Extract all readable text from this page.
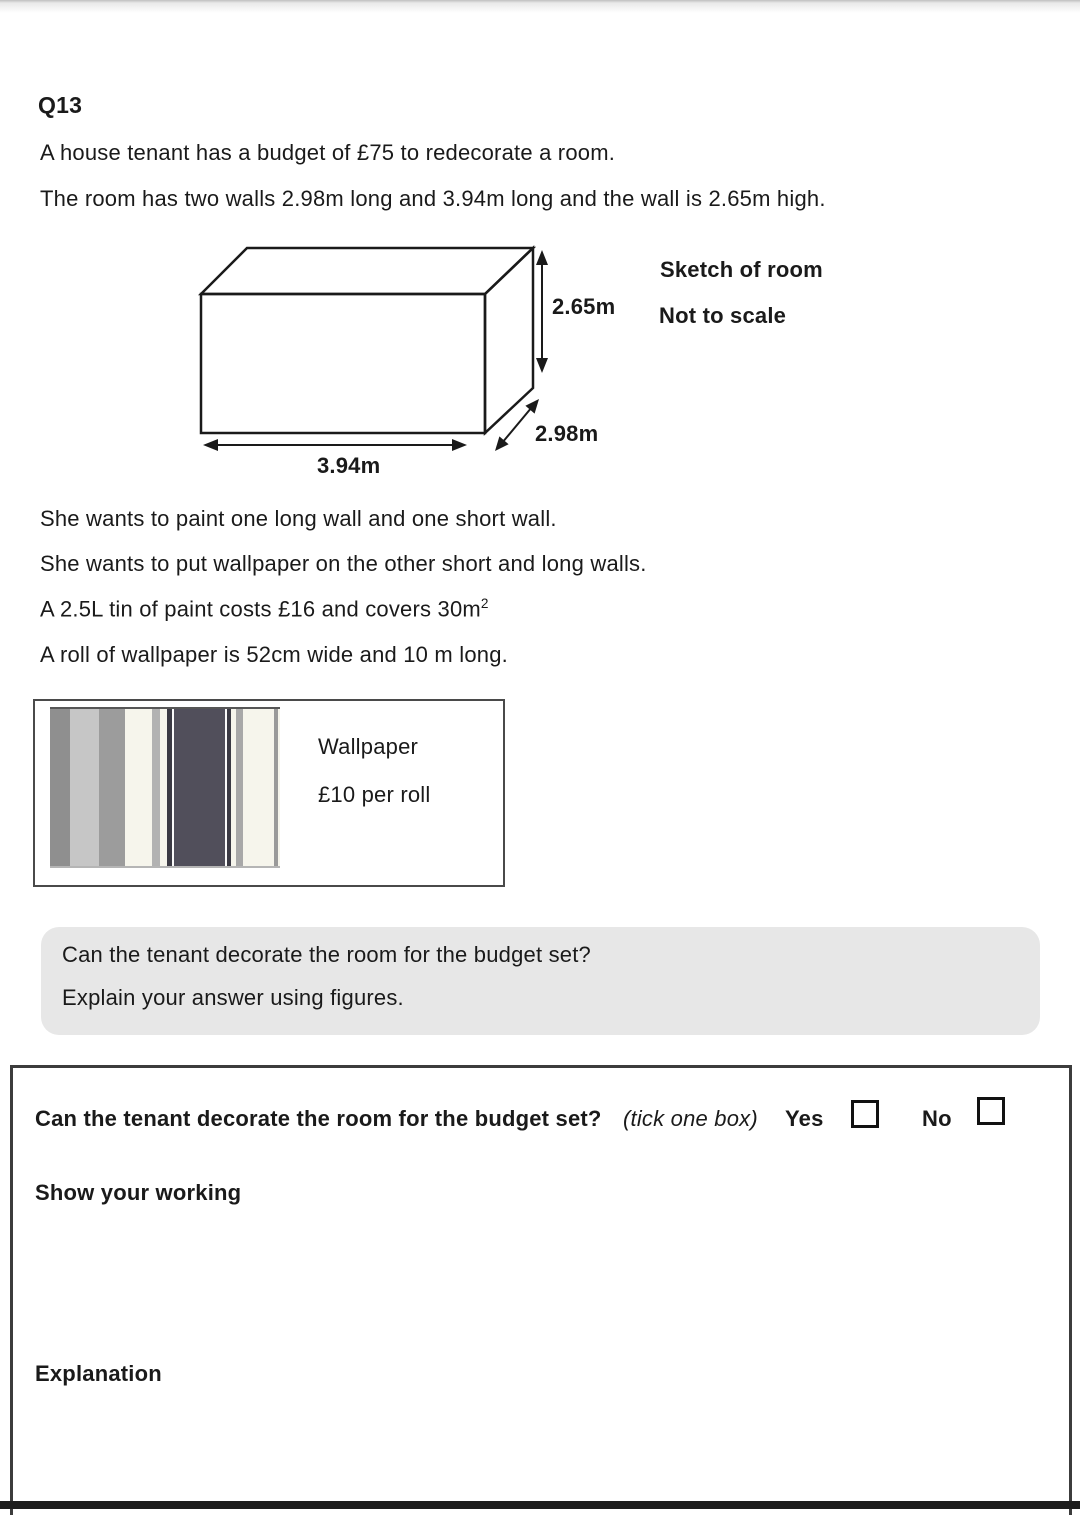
Q13
A house tenant has a budget of £75 to redecorate a room.
The room has two walls 2.98m long and 3.94m long and the wall is 2.65m high.
2.65m
Sketch of room
Not to scale
2.98m
3.94m
She wants to paint one long wall and one short wall.
She wants to put wallpaper on the other short and long walls.
A 2.5L tin of paint costs £16 and covers $30m^2$
A roll of wallpaper is 52cm wide and 10 m long.
Wallpaper
£10 per roll
Can the tenant decorate the room for the budget set?
Explain your answer using figures.
Can the tenant decorate the room for the budget set? (tick one box) Yes	No
Show your working
Explanation
